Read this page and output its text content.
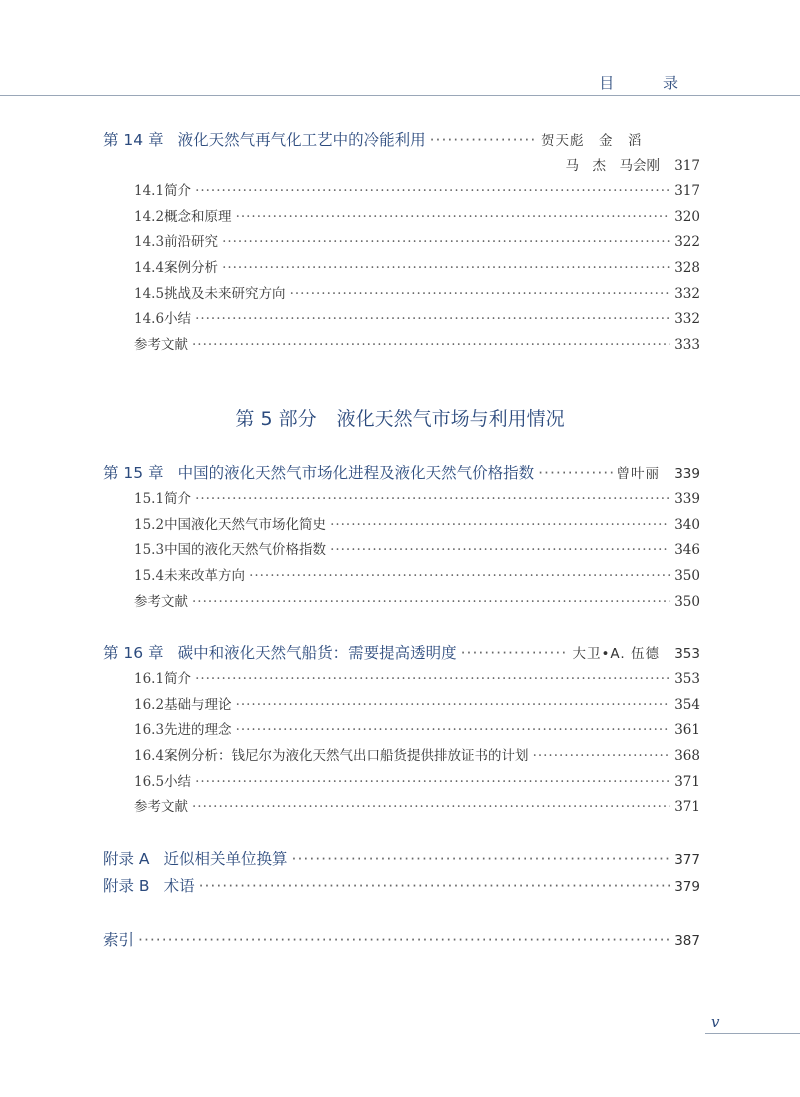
目 录
第 14 章 液化天然气再气化工艺中的冷能利用 ·····	贺天彪　金　滔
马　杰　马会刚 317
14.1 简介 ·····	317
14.2 概念和原理 ·····	320
14.3 前沿研究 ·····	322
14.4 案例分析 ·····	328
14.5 挑战及未来研究方向 ·····	332
14.6 小结 ·····	332
参考文献 ·····	333
第 5 部分 液化天然气市场与利用情况
第 15 章 中国的液化天然气市场化进程及液化天然气价格指数 ·····	曾叶丽 339
15.1 简介 ·····	339
15.2 中国液化天然气市场化简史 ·····	340
15.3 中国的液化天然气价格指数 ·····	346
15.4 未来改革方向 ·····	350
参考文献 ·····	350
第 16 章 碳中和液化天然气船货：需要提高透明度 ·····	大卫•A. 伍德 353
16.1 简介 ·····	353
16.2 基础与理论 ·····	354
16.3 先进的理念 ·····	361
16.4 案例分析：钱尼尔为液化天然气出口船货提供排放证书的计划 ·····	368
16.5 小结 ·····	371
参考文献 ·····	371
附录 A 近似相关单位换算 ·····	377
附录 B 术语 ·····	379
索引 ·····	387
v
